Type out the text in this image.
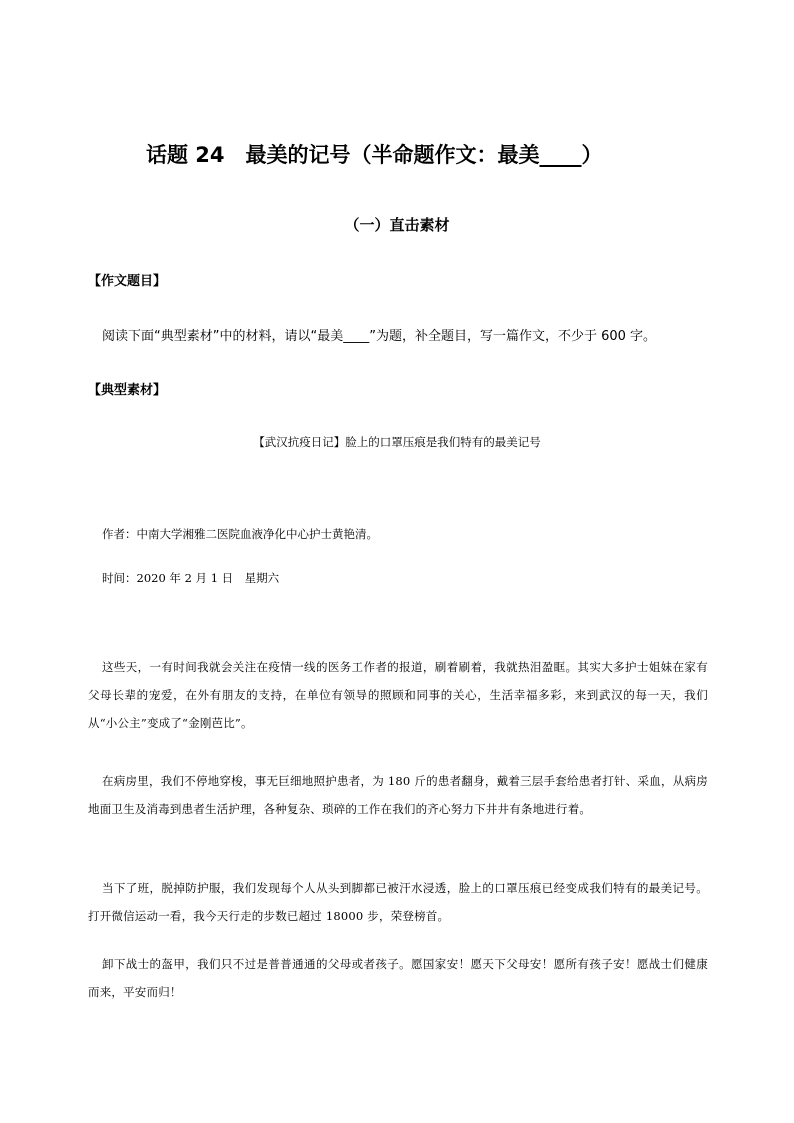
话题 24　最美的记号（半命题作文：最美____）
（一）直击素材
【作文题目】
阅读下面“典型素材”中的材料，请以“最美____”为题，补全题目，写一篇作文，不少于 600 字。
【典型素材】
【武汉抗疫日记】脸上的口罩压痕是我们特有的最美记号
作者：中南大学湘雅二医院血液净化中心护士黄艳清。
时间：2020 年 2 月 1 日　星期六
这些天，一有时间我就会关注在疫情一线的医务工作者的报道，刷着刷着，我就热泪盈眶。其实大多护士姐妹在家有父母长辈的宠爱，在外有朋友的支持，在单位有领导的照顾和同事的关心，生活幸福多彩，来到武汉的每一天，我们从“小公主”变成了“金刚芭比”。
在病房里，我们不停地穿梭，事无巨细地照护患者，为 180 斤的患者翻身，戴着三层手套给患者打针、采血，从病房地面卫生及消毒到患者生活护理，各种复杂、琐碎的工作在我们的齐心努力下井井有条地进行着。
当下了班，脱掉防护服，我们发现每个人从头到脚都已被汗水浸透，脸上的口罩压痕已经变成我们特有的最美记号。打开微信运动一看，我今天行走的步数已超过 18000 步，荣登榜首。
卸下战士的盔甲，我们只不过是普普通通的父母或者孩子。愿国家安！愿天下父母安！愿所有孩子安！愿战士们健康而来，平安而归！
